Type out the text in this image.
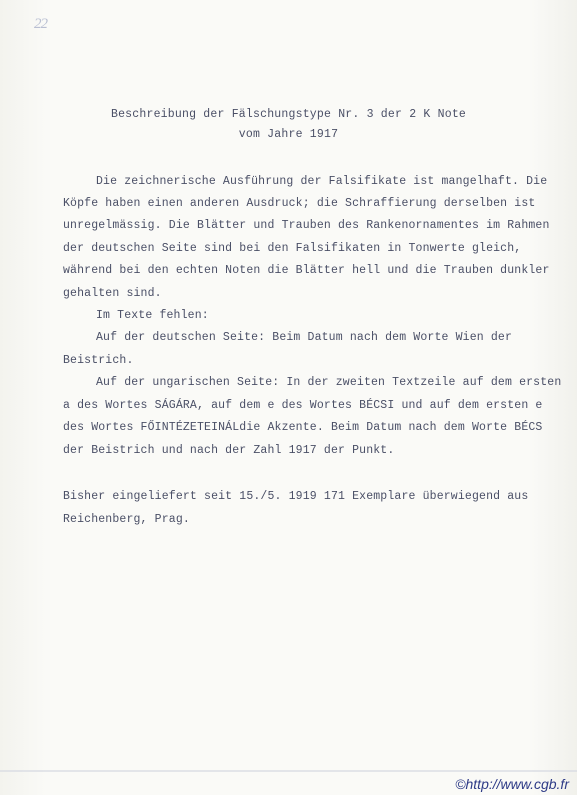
22
Beschreibung der Fälschungstype Nr. 3 der 2 K Note
vom Jahre 1917
Die zeichnerische Ausführung der Falsifikate ist mangelhaft. Die
Köpfe haben einen anderen Ausdruck; die Schraffierung derselben ist
unregelmässig. Die Blätter und Trauben des Rankenornamentes im Rahmen
der deutschen Seite sind bei den Falsifikaten in Tonwerte gleich,
während bei den echten Noten die Blätter hell und die Trauben dunkler
gehalten sind.
Im Texte fehlen:
Auf der deutschen Seite: Beim Datum nach dem Worte Wien der
Beistrich.
Auf der ungarischen Seite: In der zweiten Textzeile auf dem ersten
a des Wortes SÁGÁRA, auf dem e des Wortes BÉCSI und auf dem ersten e
des Wortes FŐINTÉZETEINÁLdie Akzente. Beim Datum nach dem Worte BÉCS
der Beistrich und nach der Zahl 1917 der Punkt.
Bisher eingeliefert seit 15./5. 1919 171 Exemplare überwiegend aus
Reichenberg, Prag.
©http://www.cgb.fr
